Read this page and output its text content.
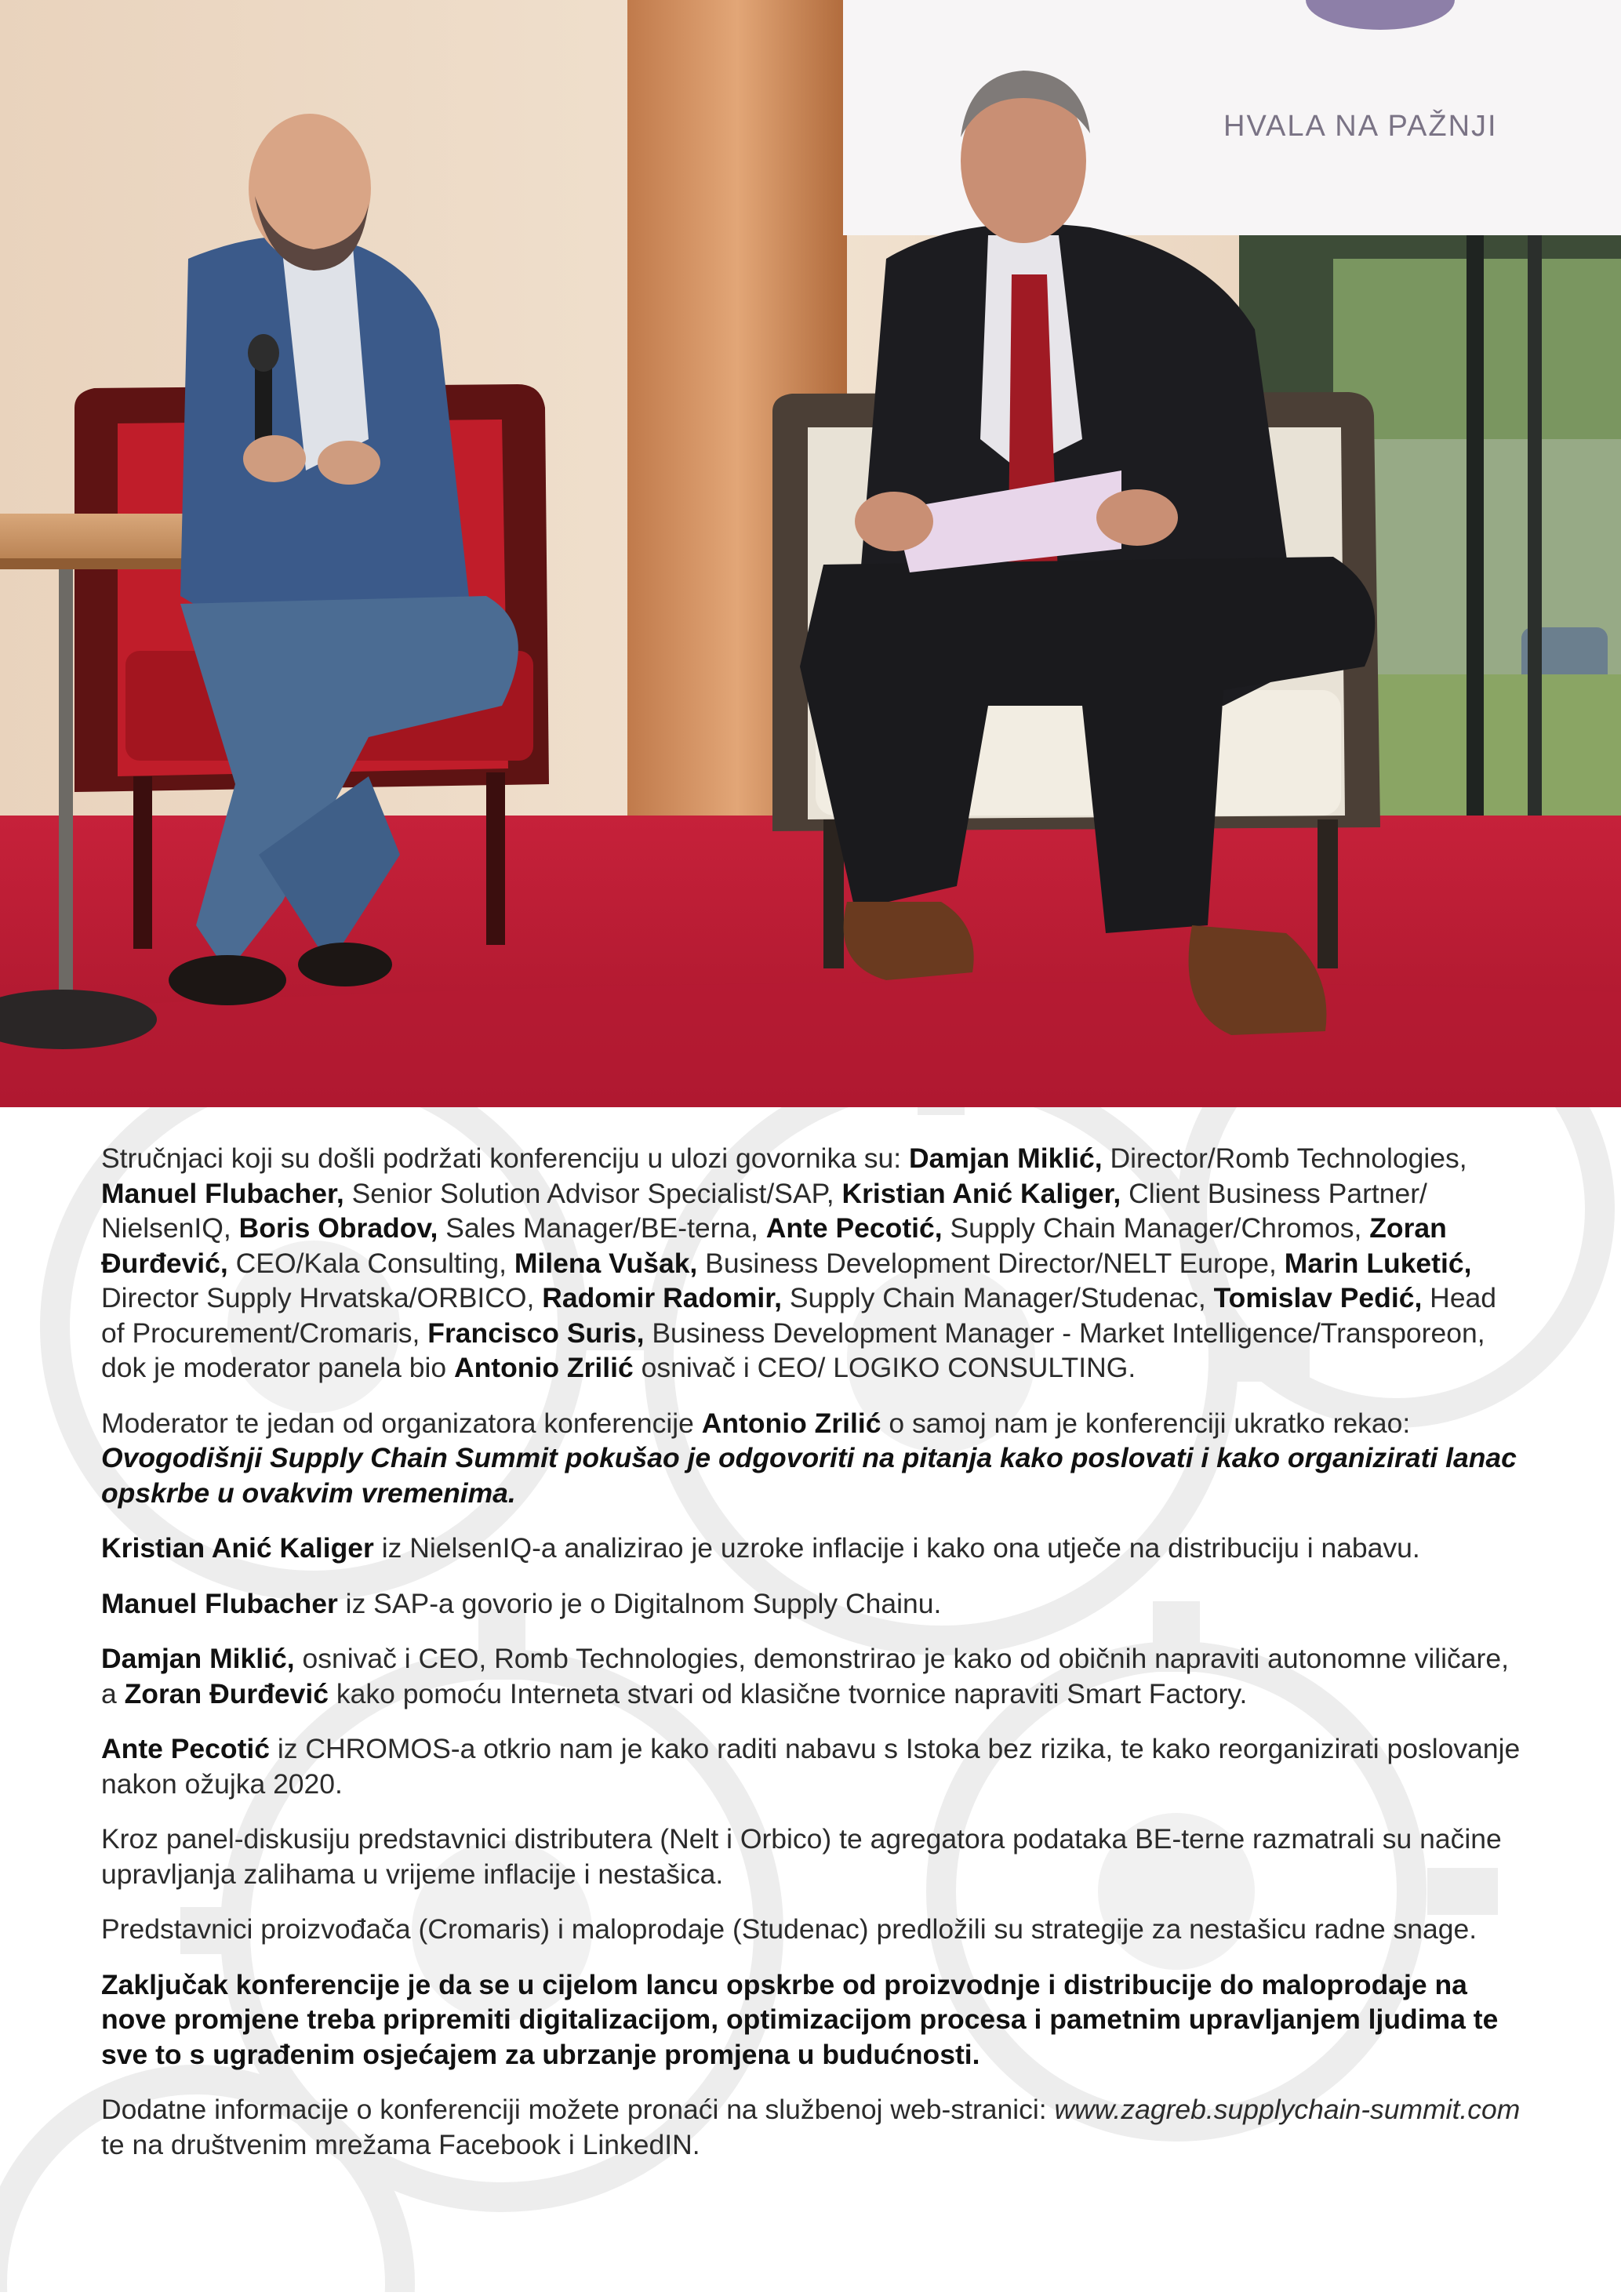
HVALA NA PAŽNJI

Stručnjaci koji su došli podržati konferenciju u ulozi govornika su: Damjan Miklić, Director/Romb Technologies, Manuel Flubacher, Senior Solution Advisor Specialist/SAP, Kristian Anić Kaliger, Client Business Partner/ NielsenIQ, Boris Obradov, Sales Manager/BE-terna, Ante Pecotić, Supply Chain Manager/Chromos, Zoran Đurđević, CEO/Kala Consulting, Milena Vušak, Business Development Director/NELT Europe, Marin Luketić, Director Supply Hrvatska/ORBICO, Radomir Radomir, Supply Chain Manager/Studenac, Tomislav Pedić, Head of Procurement/Cromaris, Francisco Suris, Business Development Manager - Market Intelligence/Transporeon, dok je moderator panela bio Antonio Zrilić osnivač i CEO/ LOGIKO CONSULTING.

Moderator te jedan od organizatora konferencije Antonio Zrilić o samoj nam je konferenciji ukratko rekao:
Ovogodišnji Supply Chain Summit pokušao je odgovoriti na pitanja kako poslovati i kako organizirati lanac opskrbe u ovakvim vremenima.

Kristian Anić Kaliger iz NielsenIQ-a analizirao je uzroke inflacije i kako ona utječe na distribuciju i nabavu.

Manuel Flubacher iz SAP-a govorio je o Digitalnom Supply Chainu.

Damjan Miklić, osnivač i CEO, Romb Technologies, demonstrirao je kako od običnih napraviti autonomne viličare, a Zoran Đurđević kako pomoću Interneta stvari od klasične tvornice napraviti Smart Factory.

Ante Pecotić iz CHROMOS-a otkrio nam je kako raditi nabavu s Istoka bez rizika, te kako reorganizirati poslovanje nakon ožujka 2020.

Kroz panel-diskusiju predstavnici distributera (Nelt i Orbico) te agregatora podataka BE-terne razmatrali su načine upravljanja zalihama u vrijeme inflacije i nestašica.

Predstavnici proizvođača (Cromaris) i maloprodaje (Studenac) predložili su strategije za nestašicu radne snage.

Zaključak konferencije je da se u cijelom lancu opskrbe od proizvodnje i distribucije do maloprodaje na nove promjene treba pripremiti digitalizacijom, optimizacijom procesa i pametnim upravljanjem ljudima te sve to s ugrađenim osjećajem za ubrzanje promjena u budućnosti.

Dodatne informacije o konferenciji možete pronaći na službenoj web-stranici: www.zagreb.supplychain-summit.com
te na društvenim mrežama Facebook i LinkedIN.
